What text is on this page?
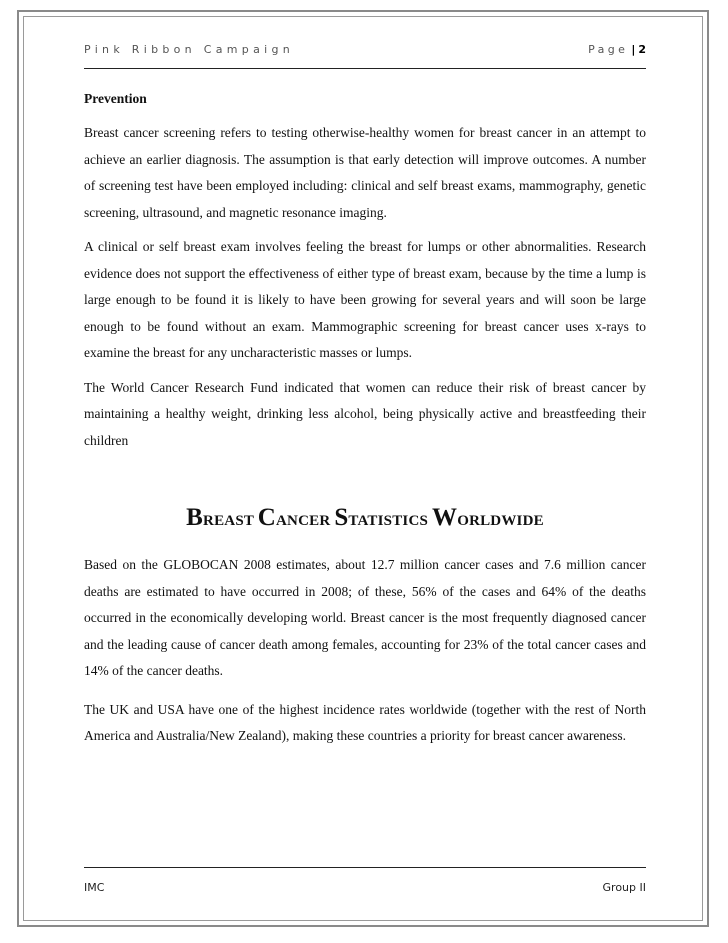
Pink Ribbon Campaign	Page | 2
Prevention

Breast cancer screening refers to testing otherwise-healthy women for breast cancer in an attempt to achieve an earlier diagnosis. The assumption is that early detection will improve outcomes. A number of screening test have been employed including: clinical and self breast exams, mammography, genetic screening, ultrasound, and magnetic resonance imaging.

A clinical or self breast exam involves feeling the breast for lumps or other abnormalities. Research evidence does not support the effectiveness of either type of breast exam, because by the time a lump is large enough to be found it is likely to have been growing for several years and will soon be large enough to be found without an exam. Mammographic screening for breast cancer uses x-rays to examine the breast for any uncharacteristic masses or lumps.

The World Cancer Research Fund indicated that women can reduce their risk of breast cancer by maintaining a healthy weight, drinking less alcohol, being physically active and breastfeeding their children

BREAST CANCER STATISTICS WORLDWIDE

Based on the GLOBOCAN 2008 estimates, about 12.7 million cancer cases and 7.6 million cancer deaths are estimated to have occurred in 2008; of these, 56% of the cases and 64% of the deaths occurred in the economically developing world. Breast cancer is the most frequently diagnosed cancer and the leading cause of cancer death among females, accounting for 23% of the total cancer cases and 14% of the cancer deaths.

The UK and USA have one of the highest incidence rates worldwide (together with the rest of North America and Australia/New Zealand), making these countries a priority for breast cancer awareness.

IMC	Group II
